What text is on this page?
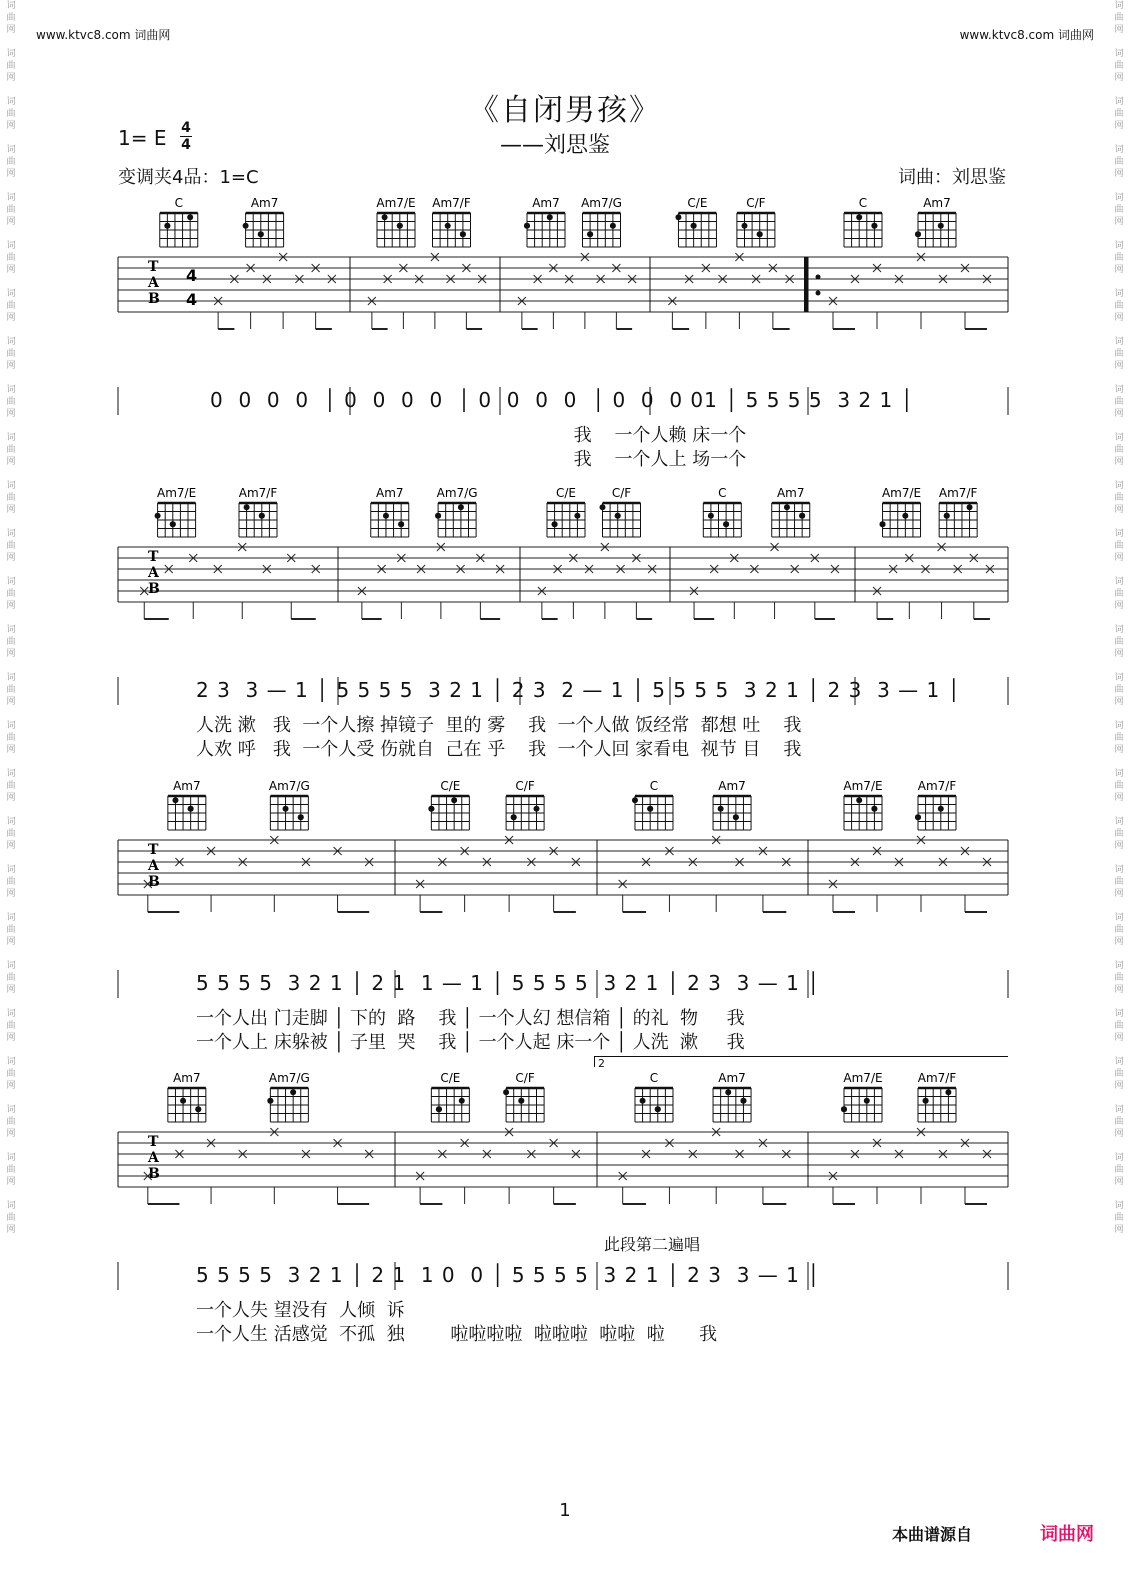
www.ktvc8.com 词曲网	www.ktvc8.com 词曲网
词
曲
网
词
曲
网
词
曲
网
词
曲
网
词
曲
网
词
曲
网
词
曲
网
词
曲
网
词
曲
网
词
曲
网
词
曲
网
词
曲
网
词
曲
网
词
曲
网
词
曲
网
词
曲
网
词
曲
网
词
曲
网
词
曲
网
词
曲
网
词
曲
网
词
曲
网
词
曲
网
词
曲
网
词
曲
网
词
曲
网
词
曲
网
词
曲
网
词
曲
网
词
曲
网
词
曲
网
词
曲
网
词
曲
网
词
曲
网
词
曲
网
词
曲
网
词
曲
网
词
曲
网
词
曲
网
词
曲
网
词
曲
网
词
曲
网
词
曲
网
词
曲
网
词
曲
网
词
曲
网
词
曲
网
词
曲
网
词
曲
网
词
曲
网
词
曲
网
词
曲
网
《自闭男孩》
——刘思鉴
1= E 4
4
变调夹4品：1=C	词曲：刘思鉴
C	Am7	Am7/E Am7/F	Am7 Am7/G	C/E	C/F	C	Am7
T
A
B
4
4
Am7/E	Am7/F	Am7	Am7/G	C/E	C/F	C	Am7	Am7/E Am7/F
T
A
B
Am7	Am7/G	C/E	C/F	C	Am7	Am7/E	Am7/F
T
A
B
Am7	Am7/G	C/E	C/F	C	Am7	Am7/E	Am7/F
T
A
B
1
本曲谱源自	词曲网
0  0  0  0  │ 0  0  0  0  │ 0  0  0  0  │ 0  0  0 01 │ 5 5 5 5  3 2 1 │
我    一个人赖 床一个
我    一个人上 场一个
2 3  3 — 1 │ 5 5 5 5  3 2 1 │ 2 3  2 — 1 │ 5 5 5 5  3 2 1 │ 2 3  3 — 1 │
人洗 漱   我  一个人擦 掉镜子  里的 雾    我  一个人做 饭经常  都想 吐    我
人欢 呼   我  一个人受 伤就自  己在 乎    我  一个人回 家看电  视节 目    我
5 5 5 5  3 2 1 │ 2 1  1 — 1 │ 5 5 5 5  3 2 1 │ 2 3  3 — 1 │
一个人出 门走脚 │ 下的  路    我 │ 一个人幻 想信箱 │ 的礼  物     我
一个人上 床躲被 │ 子里  哭    我 │ 一个人起 床一个 │ 人洗  漱     我
5 5 5 5  3 2 1 │ 2 1  1 0  0 │ 5 5 5 5  3 2 1 │ 2 3  3 — 1 │
一个人失 望没有  人倾  诉
一个人生 活感觉  不孤  独        啦啦啦啦  啦啦啦  啦啦  啦      我
此段第二遍唱
2
